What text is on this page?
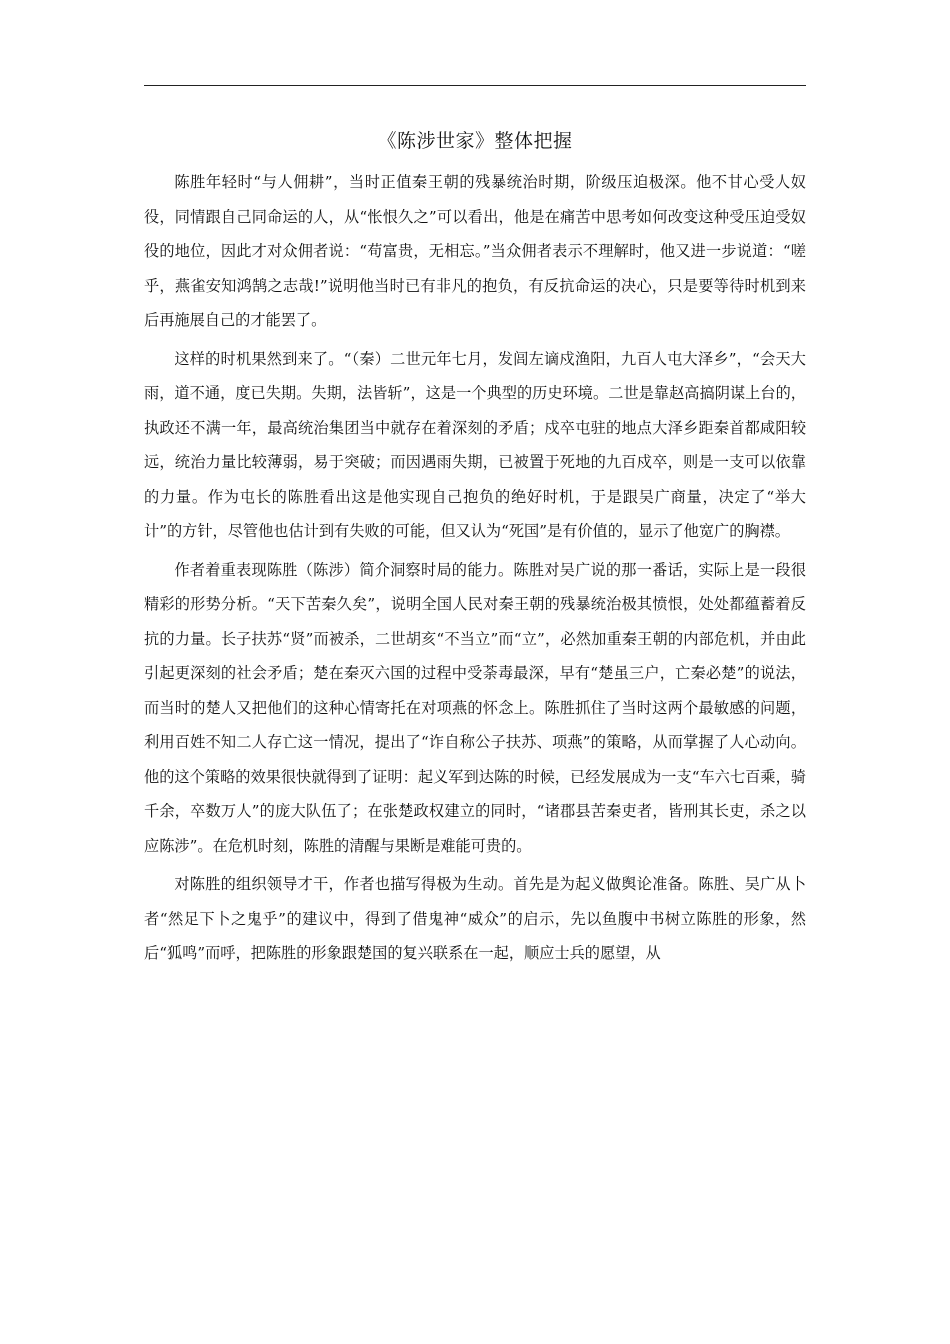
《陈涉世家》整体把握

陈胜年轻时“与人佣耕”，当时正值秦王朝的残暴统治时期，阶级压迫极深。他不甘心受人奴役，同情跟自己同命运的人，从“怅恨久之”可以看出，他是在痛苦中思考如何改变这种受压迫受奴役的地位，因此才对众佣者说：“苟富贵，无相忘。”当众佣者表示不理解时，他又进一步说道：“嗟乎，燕雀安知鸿鹄之志哉!”说明他当时已有非凡的抱负，有反抗命运的决心，只是要等待时机到来后再施展自己的才能罢了。

这样的时机果然到来了。“（秦）二世元年七月，发闾左谪戍渔阳，九百人屯大泽乡”，“会天大雨，道不通，度已失期。失期，法皆斩”，这是一个典型的历史环境。二世是靠赵高搞阴谋上台的，执政还不满一年，最高统治集团当中就存在着深刻的矛盾；戍卒屯驻的地点大泽乡距秦首都咸阳较远，统治力量比较薄弱，易于突破；而因遇雨失期，已被置于死地的九百戍卒，则是一支可以依靠的力量。作为屯长的陈胜看出这是他实现自己抱负的绝好时机，于是跟吴广商量，决定了“举大计”的方针，尽管他也估计到有失败的可能，但又认为“死国”是有价值的，显示了他宽广的胸襟。

作者着重表现陈胜（陈涉）简介洞察时局的能力。陈胜对吴广说的那一番话，实际上是一段很精彩的形势分析。“天下苦秦久矣”，说明全国人民对秦王朝的残暴统治极其愤恨，处处都蕴蓄着反抗的力量。长子扶苏“贤”而被杀，二世胡亥“不当立”而“立”，必然加重秦王朝的内部危机，并由此引起更深刻的社会矛盾；楚在秦灭六国的过程中受荼毒最深，早有“楚虽三户，亡秦必楚”的说法，而当时的楚人又把他们的这种心情寄托在对项燕的怀念上。陈胜抓住了当时这两个最敏感的问题，利用百姓不知二人存亡这一情况，提出了“诈自称公子扶苏、项燕”的策略，从而掌握了人心动向。他的这个策略的效果很快就得到了证明：起义军到达陈的时候，已经发展成为一支“车六七百乘，骑千余，卒数万人”的庞大队伍了；在张楚政权建立的同时，“诸郡县苦秦吏者，皆刑其长吏，杀之以应陈涉”。在危机时刻，陈胜的清醒与果断是难能可贵的。

对陈胜的组织领导才干，作者也描写得极为生动。首先是为起义做舆论准备。陈胜、吴广从卜者“然足下卜之鬼乎”的建议中，得到了借鬼神“威众”的启示，先以鱼腹中书树立陈胜的形象，然后“狐鸣”而呼，把陈胜的形象跟楚国的复兴联系在一起，顺应士兵的愿望，从
